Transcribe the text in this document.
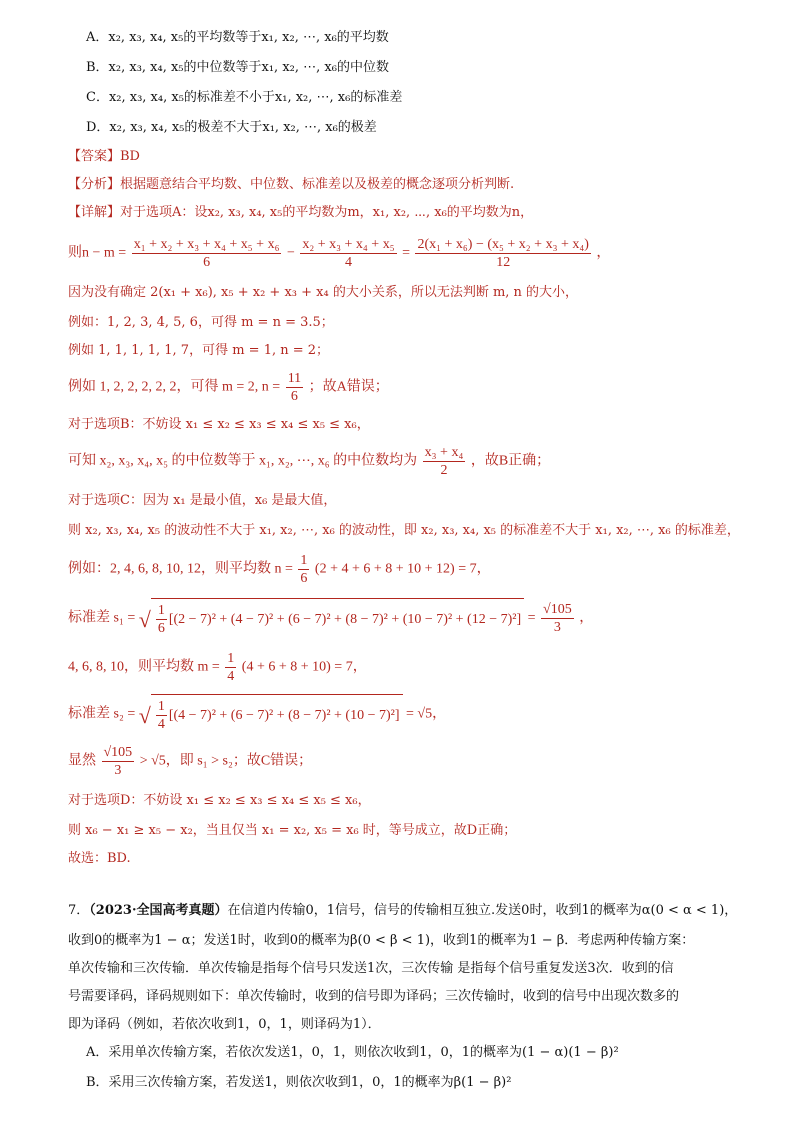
A．x₂, x₃, x₄, x₅的平均数等于x₁, x₂, ⋯, x₆的平均数
B．x₂, x₃, x₄, x₅的中位数等于x₁, x₂, ⋯, x₆的中位数
C．x₂, x₃, x₄, x₅的标准差不小于x₁, x₂, ⋯, x₆的标准差
D．x₂, x₃, x₄, x₅的极差不大于x₁, x₂, ⋯, x₆的极差
【答案】BD
【分析】根据题意结合平均数、中位数、标准差以及极差的概念逐项分析判断.
【详解】对于选项A：设x₂, x₃, x₄, x₅的平均数为m，x₁, x₂, ⋯, x₆的平均数为n，
则$n - m = \frac{\text{x₁ + x₂ + x₃ + x₄ + x₅ + x₆}}{6} - \frac{\text{x₂ + x₃ + x₄ + x₅}}{4} = \frac{\text{2(x₁ + x₆) − (x₅ + x₂ + x₃ + x₄)}}{12}$ ，
因为没有确定 2(x₁ + x₆), x₅ + x₂ + x₃ + x₄ 的大小关系，所以无法判断 m, n 的大小，
例如：1, 2, 3, 4, 5, 6，可得 m = n = 3.5；
例如 1, 1, 1, 1, 1, 7，可得 m = 1, n = 2；
例如 1, 2, 2, 2, 2, 2，可得 m = 2, $n = \frac{11}{6}$ ；故A错误；
对于选项B：不妨设 x₁ ≤ x₂ ≤ x₃ ≤ x₄ ≤ x₅ ≤ x₆，
可知 x₂, x₃, x₄, x₅ 的中位数等于 x₁, x₂, ⋯, x₆ 的中位数均为 $\frac{\text{x₃ + x₄}}{2}$ ，故B正确；
对于选项C：因为 x₁ 是最小值，x₆ 是最大值，
则 x₂, x₃, x₄, x₅ 的波动性不大于 x₁, x₂, ⋯, x₆ 的波动性，即 x₂, x₃, x₄, x₅ 的标准差不大于 x₁, x₂, ⋯, x₆ 的标准差，
例如：2, 4, 6, 8, 10, 12，则平均数 $n = \frac{1}{6} (2 + 4 + 6 + 8 + 10 + 12) = 7$，
标准差 s₁ = √ $\frac{1}{6} [(2 - 7)^2 + (4 - 7)^2 + (6 - 7)^2 + (8 - 7)^2 + (10 - 7)^2 + (12 - 7)^2] = \frac{√105}{3}$ ，
4, 6, 8, 10，则平均数 $m = \frac{1}{4} (4 + 6 + 8 + 10) = 7$，
标准差 s₂ = √ $\frac{1}{4} [(4 - 7)^2 + (6 - 7)^2 + (8 - 7)^2 + (10 - 7)^2] = √5$，
显然 $\frac{√105}{3} > √5$，即 s₁ > s₂；故C错误；
对于选项D：不妨设 x₁ ≤ x₂ ≤ x₃ ≤ x₄ ≤ x₅ ≤ x₆，
则 x₆ − x₁ ≥ x₅ − x₂，当且仅当 x₁ = x₂, x₅ = x₆ 时，等号成立，故D正确；
故选：BD.
7．（2023·全国高考真题）在信道内传输0，1信号，信号的传输相互独立.发送0时，收到1的概率为α(0 < α < 1)，
收到0的概率为1 − α；发送1时，收到0的概率为β(0 < β < 1)，收到1的概率为1 − β．考虑两种传输方案：
单次传输和三次传输．单次传输是指每个信号只发送1次，三次传输 是指每个信号重复发送3次．收到的信
号需要译码，译码规则如下：单次传输时，收到的信号即为译码；三次传输时，收到的信号中出现次数多的
即为译码（例如，若依次收到1，0，1，则译码为1）．
A．采用单次传输方案，若依次发送1，0，1，则依次收到1，0，1的概率为(1 − α)(1 − β)²
B．采用三次传输方案，若发送1，则依次收到1，0，1的概率为β(1 − β)²
